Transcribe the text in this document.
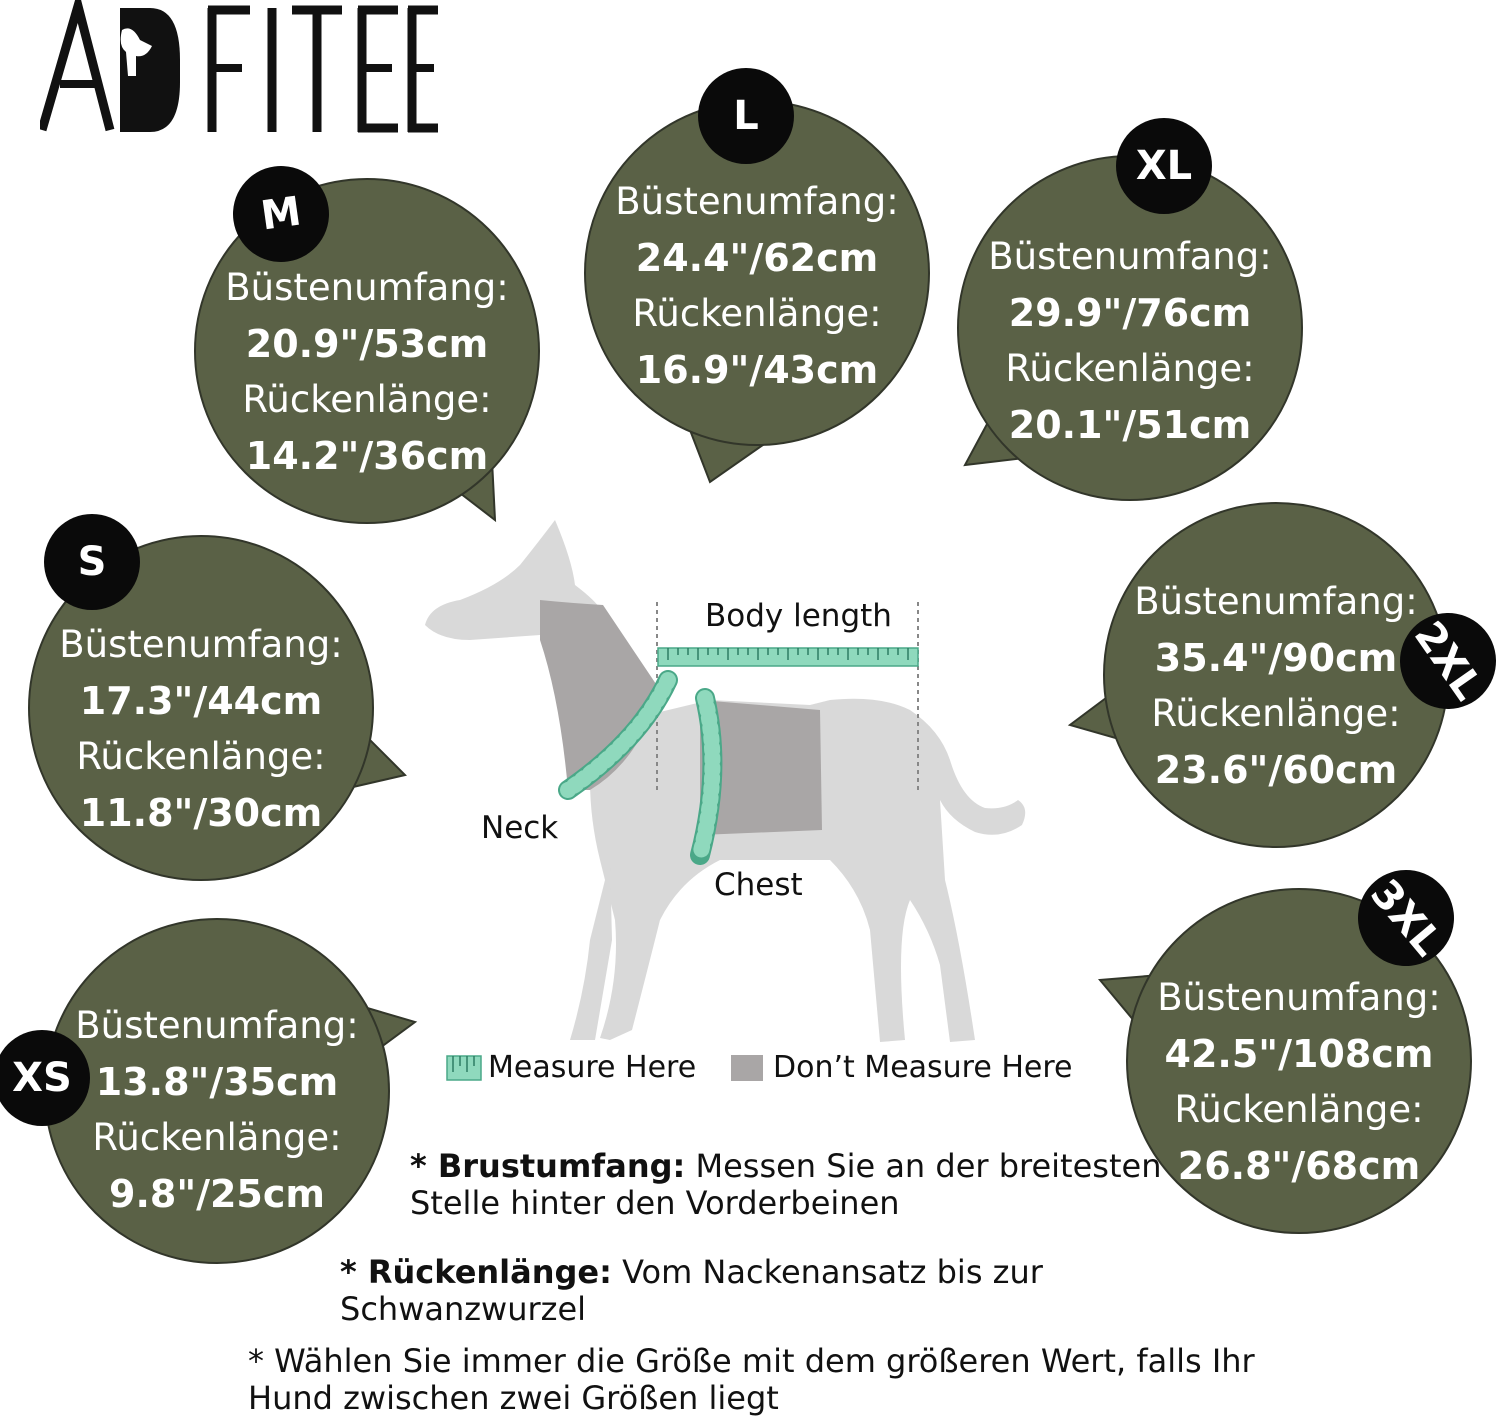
Büstenumfang:
20.9"/53cm
Rückenlänge:
14.2"/36cm
M	Büstenumfang:
24.4"/62cm
Rückenlänge:
16.9"/43cm
L
Büstenumfang:
29.9"/76cm
Rückenlänge:
20.1"/51cm
XL
Büstenumfang:
17.3"/44cm
Rückenlänge:
11.8"/30cm
S
Büstenumfang:
35.4"/90cm
Rückenlänge:
23.6"/60cm
2XL
Büstenumfang:
13.8"/35cm
Rückenlänge:
9.8"/25cm
XS
Büstenumfang:
42.5"/108cm
Rückenlänge:
26.8"/68cm
3XL
Body length
Neck
Chest
Measure Here	Don’t Measure Here
* Brustumfang: Messen Sie an der breitesten Stelle hinter den Vorderbeinen
* Rückenlänge: Vom Nackenansatz bis zur Schwanzwurzel
* Wählen Sie immer die Größe mit dem größeren Wert, falls Ihr Hund zwischen zwei Größen liegt
